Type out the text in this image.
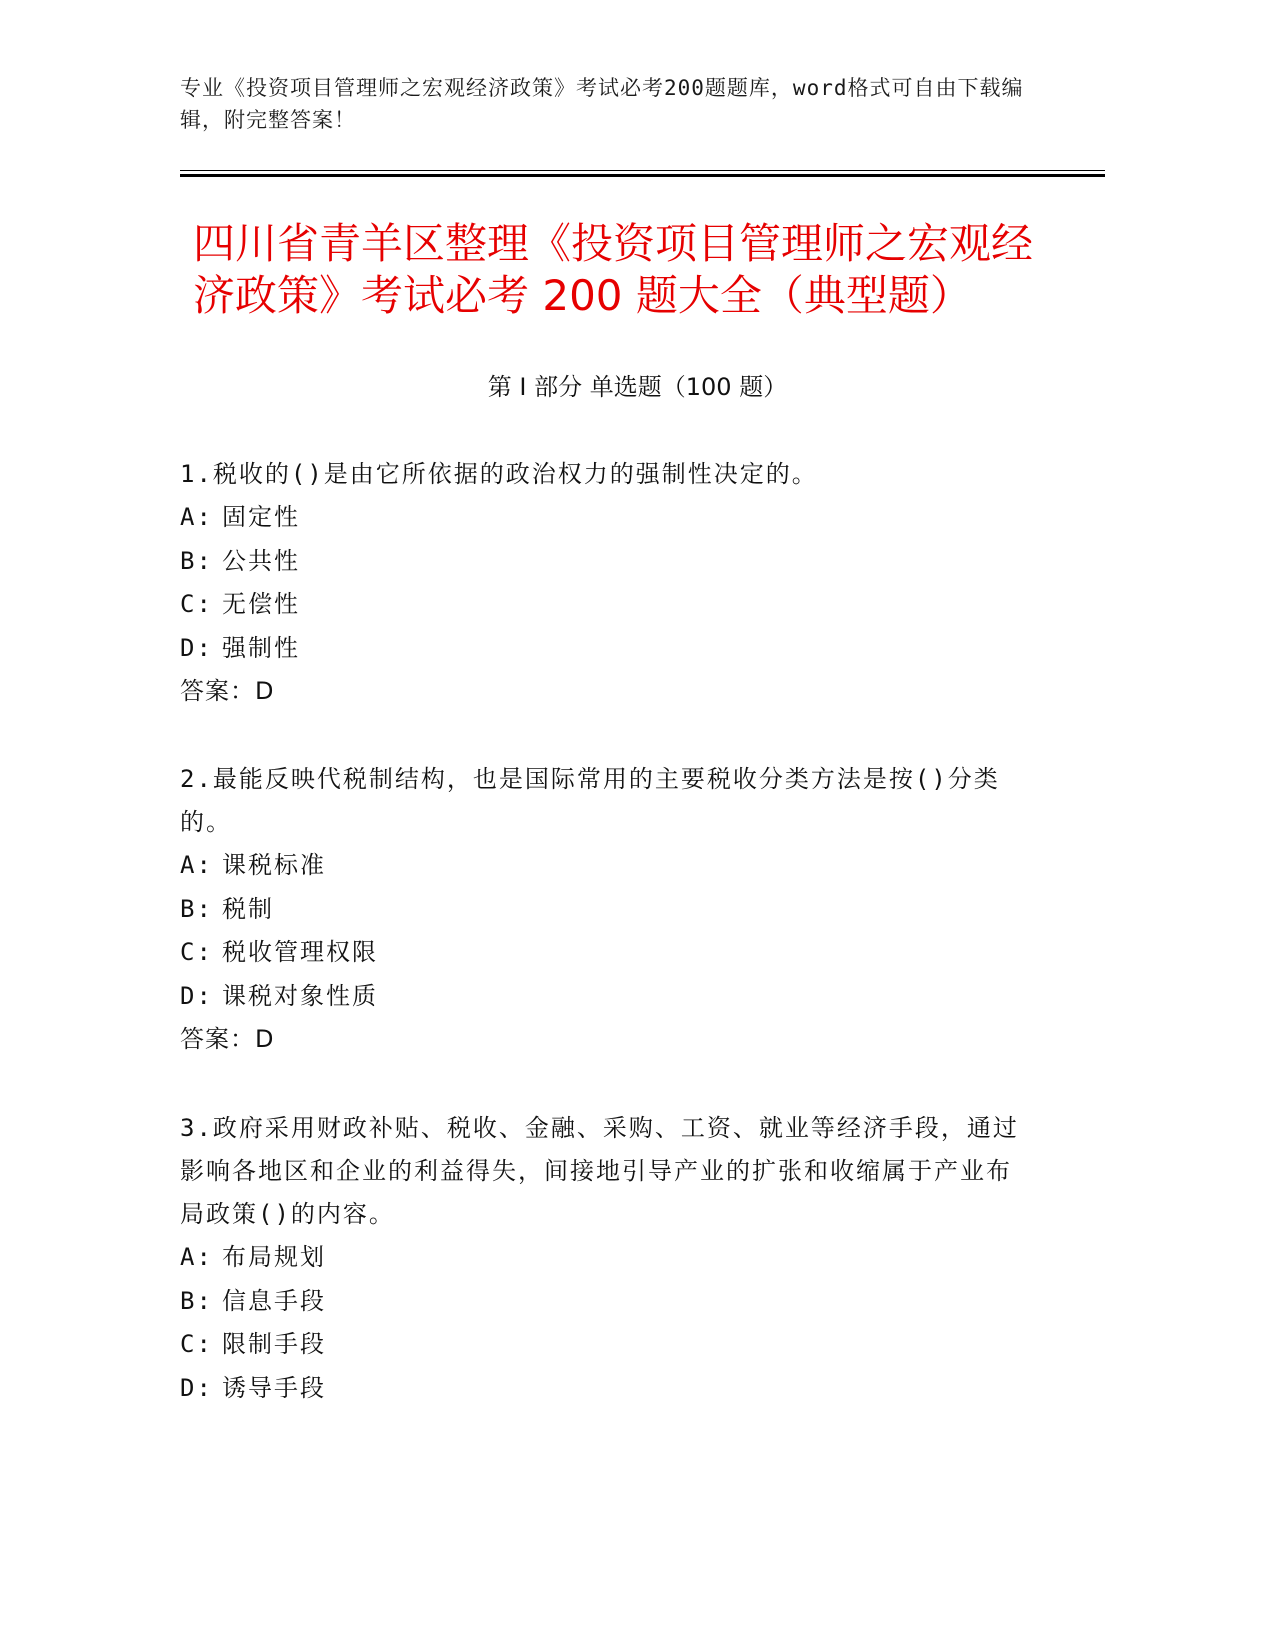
专业《投资项目管理师之宏观经济政策》考试必考200题题库，word格式可自由下载编辑，附完整答案！
四川省青羊区整理《投资项目管理师之宏观经济政策》考试必考 200 题大全（典型题）
第 I 部分 单选题（100 题）

1.税收的()是由它所依据的政治权力的强制性决定的。

A: 固定性
B: 公共性
C: 无偿性
D: 强制性
答案：D

2.最能反映代税制结构，也是国际常用的主要税收分类方法是按()分类的。

A: 课税标准
B: 税制
C: 税收管理权限
D: 课税对象性质
答案：D

3.政府采用财政补贴、税收、金融、采购、工资、就业等经济手段，通过影响各地区和企业的利益得失，间接地引导产业的扩张和收缩属于产业布局政策()的内容。

A: 布局规划
B: 信息手段
C: 限制手段
D: 诱导手段
